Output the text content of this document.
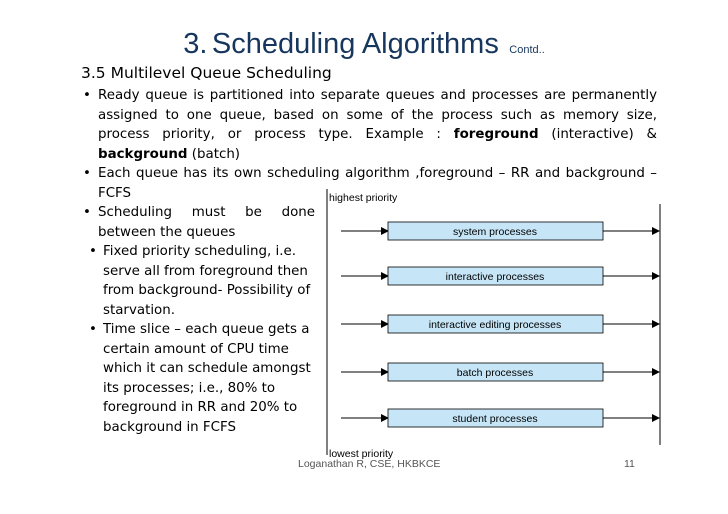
3. Scheduling Algorithms Contd..
3.5 Multilevel Queue Scheduling
• Ready queue is partitioned into separate queues and processes are permanently
assigned to one queue, based on some of the process such as memory size,
process priority, or process type. Example : foreground (interactive) &
background (batch)
• Each queue has its own scheduling algorithm ,foreground – RR and background –
FCFS
• Scheduling must be done
between the queues
• Fixed priority scheduling, i.e.
serve all from foreground then
from background- Possibility of
starvation.
• Time slice – each queue gets a
certain amount of CPU time
which it can schedule amongst
its processes; i.e., 80% to
foreground in RR and 20% to
background in FCFS
highest priority
lowest priority
system processes
interactive processes
interactive editing processes
batch processes
student processes
Loganathan R, CSE, HKBKCE	11
